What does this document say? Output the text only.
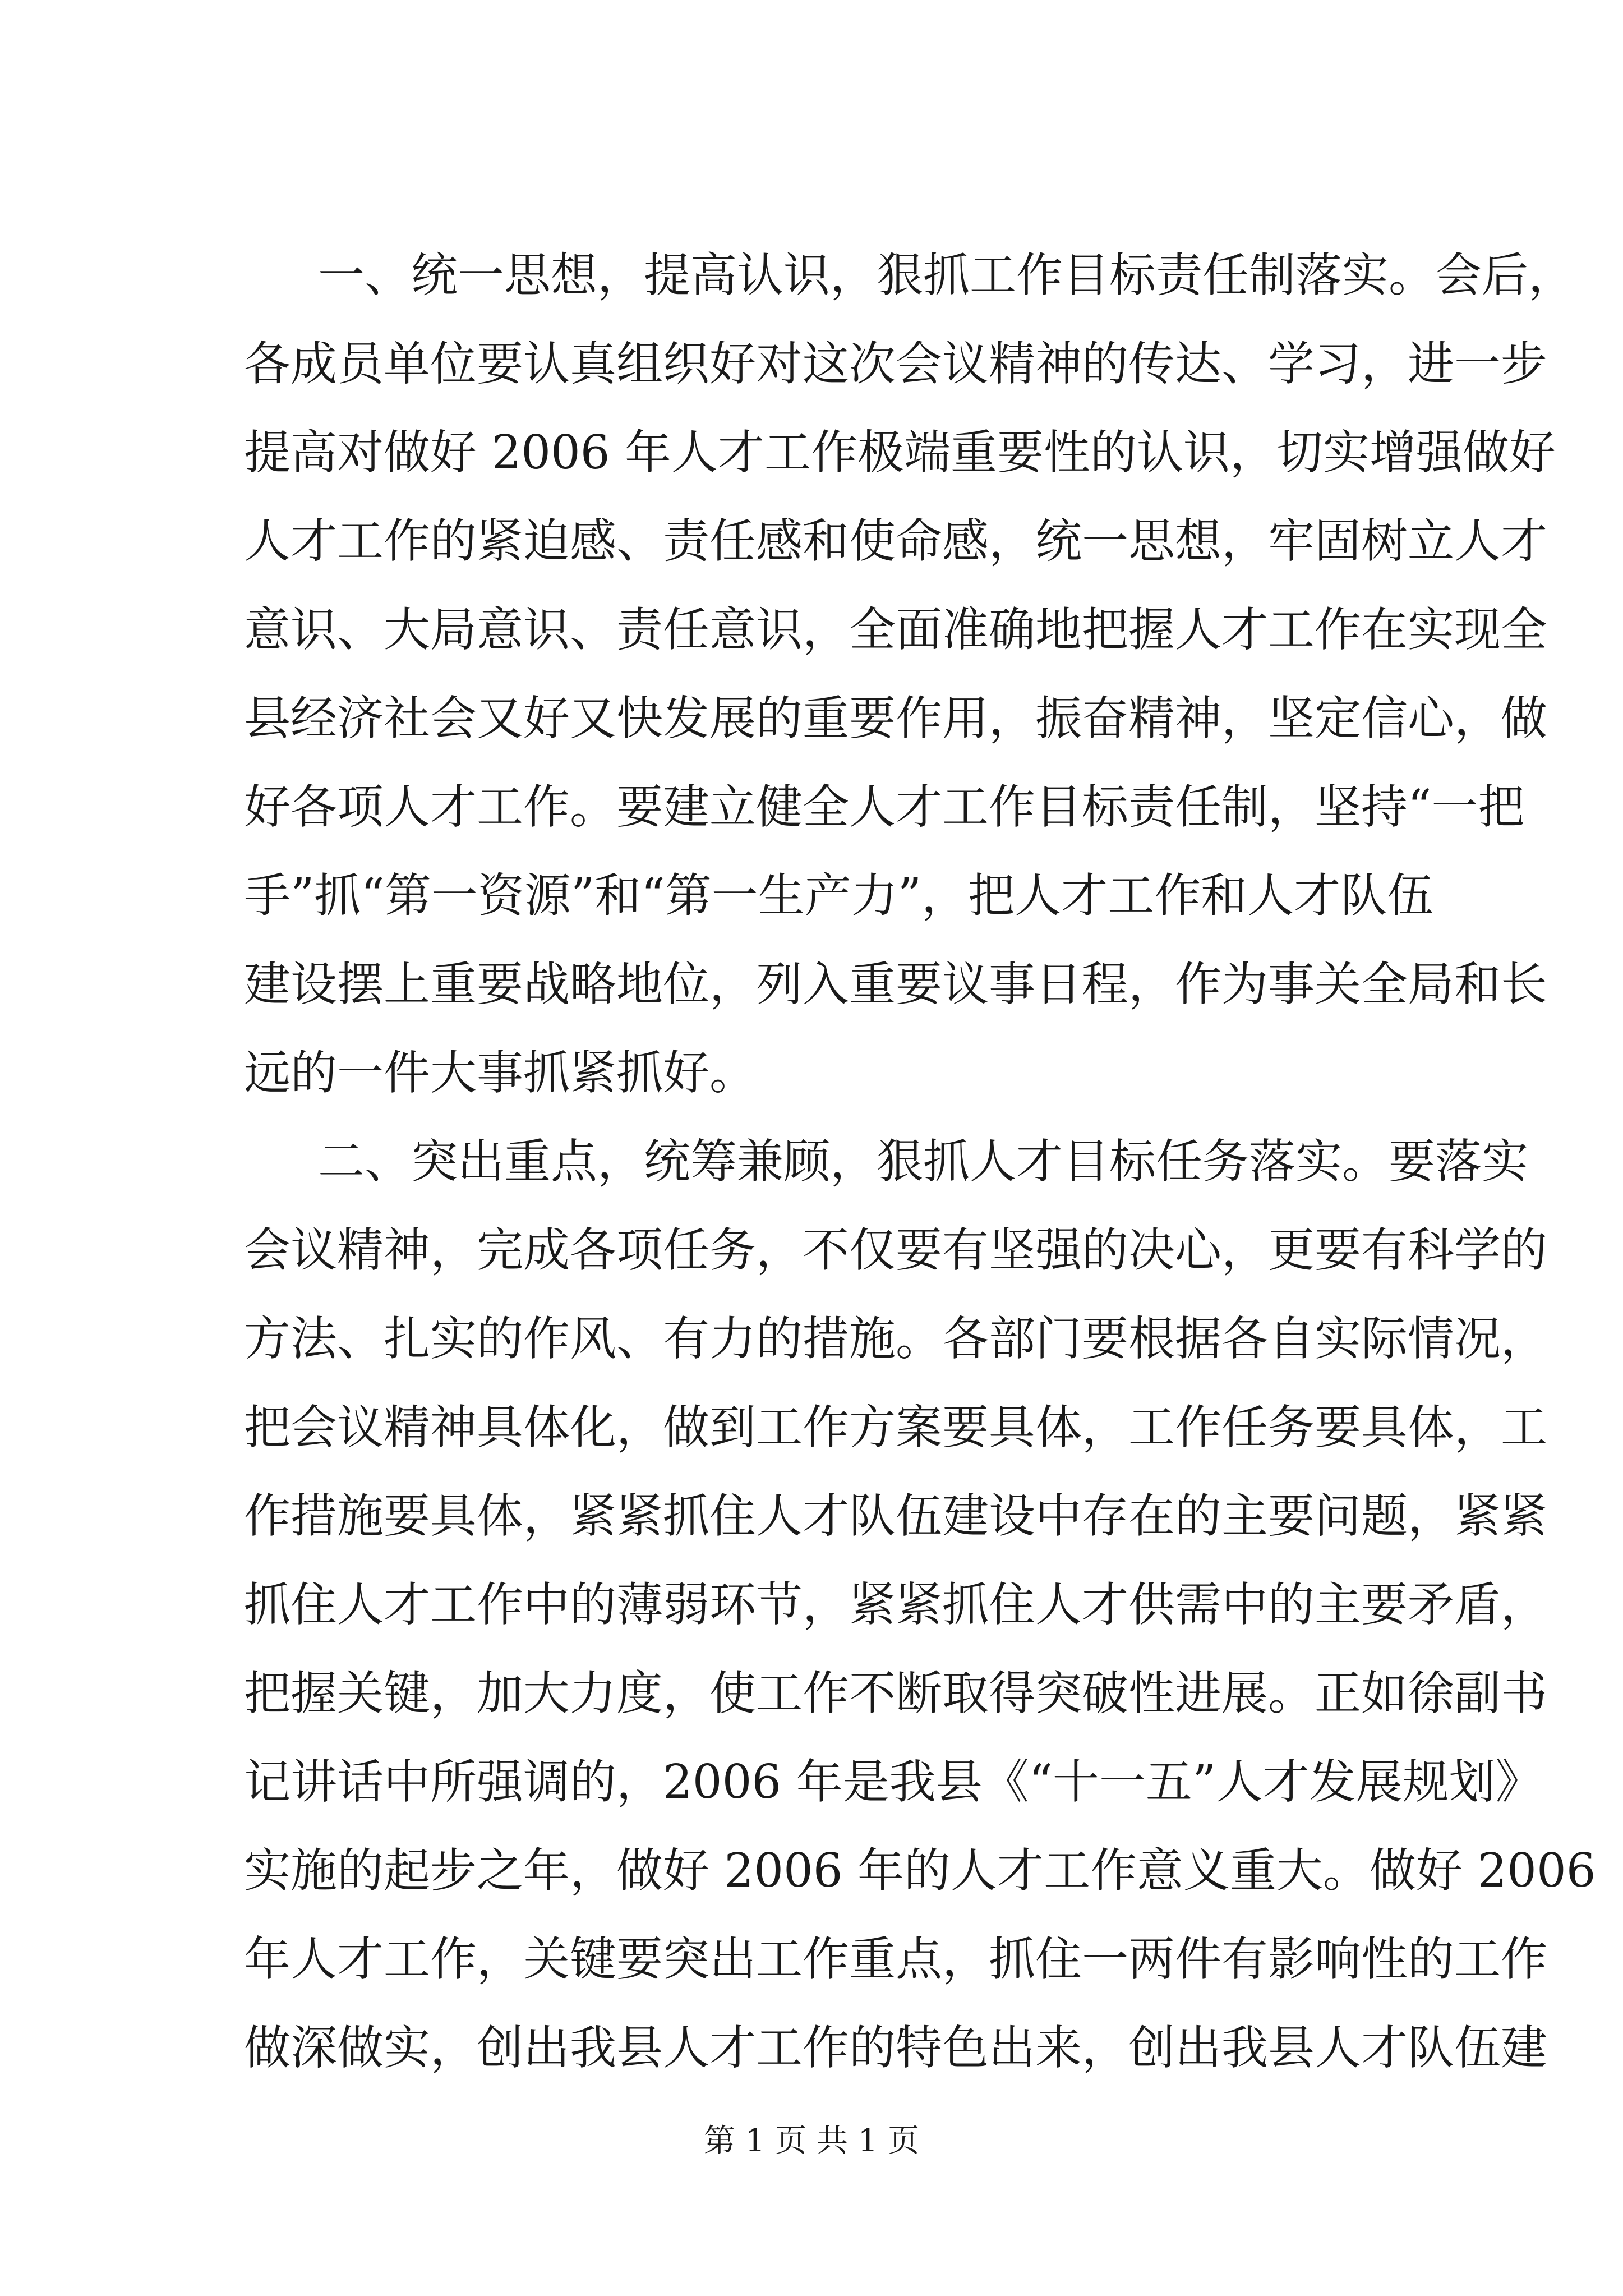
一、统一思想，提高认识，狠抓工作目标责任制落实。会后，
各成员单位要认真组织好对这次会议精神的传达、学习，进一步
提高对做好 2006 年人才工作极端重要性的认识，切实增强做好
人才工作的紧迫感、责任感和使命感，统一思想，牢固树立人才
意识、大局意识、责任意识，全面准确地把握人才工作在实现全
县经济社会又好又快发展的重要作用，振奋精神，坚定信心，做
好各项人才工作。要建立健全人才工作目标责任制，坚持“一把
手”抓“第一资源”和“第一生产力”，把人才工作和人才队伍
建设摆上重要战略地位，列入重要议事日程，作为事关全局和长
远的一件大事抓紧抓好。
二、突出重点，统筹兼顾，狠抓人才目标任务落实。要落实
会议精神，完成各项任务，不仅要有坚强的决心，更要有科学的
方法、扎实的作风、有力的措施。各部门要根据各自实际情况，
把会议精神具体化，做到工作方案要具体，工作任务要具体，工
作措施要具体，紧紧抓住人才队伍建设中存在的主要问题，紧紧
抓住人才工作中的薄弱环节，紧紧抓住人才供需中的主要矛盾，
把握关键，加大力度，使工作不断取得突破性进展。正如徐副书
记讲话中所强调的，2006 年是我县《“十一五”人才发展规划》
实施的起步之年，做好 2006 年的人才工作意义重大。做好 2006
年人才工作，关键要突出工作重点，抓住一两件有影响性的工作
做深做实，创出我县人才工作的特色出来，创出我县人才队伍建
第 1 页 共 1 页
